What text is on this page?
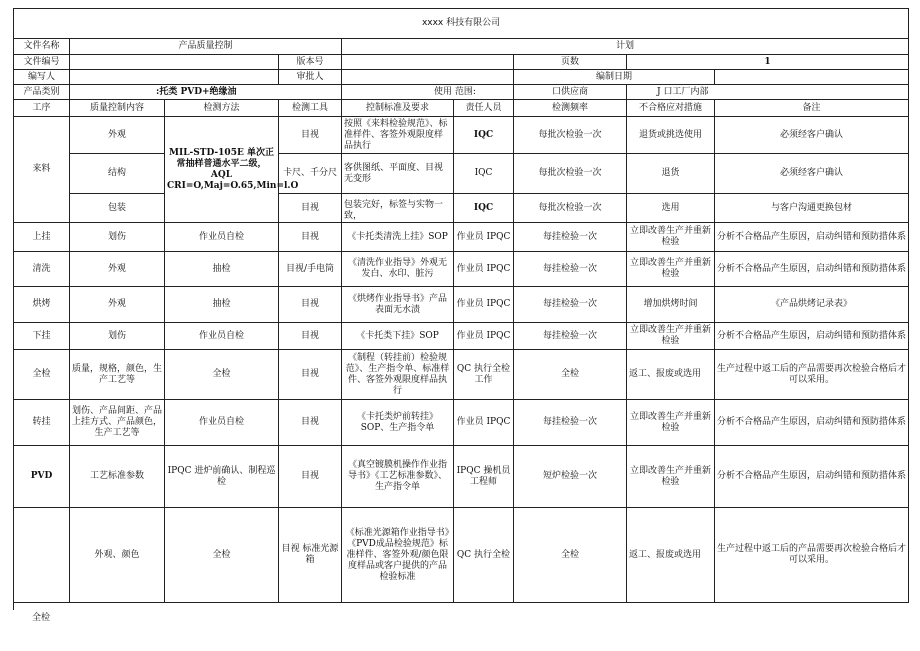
xxxx 科技有限公司								
文件名称	产品质量控制			计划				
文件编号			版本号			页数	1	
编写人			审批人			编制日期		
产品类别	:托类 PVD+绝缘油			使用 范围:		口供应商	J 口工厂内部	
工序	质量控制内容	检测方法	检测工具	控制标准及要求	责任人员	检测频率	不合格应对措施	备注
来料	外观	MIL-STD-105E 单次正常抽样普通水平二级，AQL CRI=O,Maj=O.65,Min=l.O	目视	按照《来料检验规范》、标准样件、客签外观限度样品执行	IQC	每批次检验一次	退货或挑选使用	必须经客户确认
	结构		卡尺、千分尺	客供图纸、平面度、目视无变形	IQC	每批次检验一次	退货	必须经客户确认
	包装		目视	包装完好，标签与实物一致，	IQC	每批次检验一次	选用	与客户沟通更换包材
上挂	划伤	作业员自检	目视	《卡托类清洗上挂》SOP	作业员 IPQC	每挂检验一次	立即改善生产并重新检验	分析不合格品产生原因，启动纠错和预防措体系
清洗	外观	抽检	目视/手电筒	《清洗作业指导》外观无发白、水印、脏污	作业员 IPQC	每挂检验一次	立即改善生产并重新检验	分析不合格品产生原因，启动纠错和预防措体系
烘烤	外观	抽检	目视	《烘烤作业指导书》产品表面无水渍	作业员 IPQC	每挂检验一次	增加烘烤时间	《产品烘烤记录表》
下挂	划伤	作业员自检	目视	《卡托类下挂》SOP	作业员 IPQC	每挂检验一次	立即改善生产并重新检验	分析不合格品产生原因，启动纠错和预防措体系
全检	质量，规格，颜色，生产工艺等	全检	目视	《制程（转挂前）检验规范》、生产指令单、标准样件、客签外观限度样品执行	QC 执行全检工作	全检	返工、报废或选用	生产过程中返工后的产品需要再次检验合格后才可以采用。
转挂	划伤、产品间距、产品上挂方式、产品颜色，生产工艺等	作业员自检	目视	《卡托类炉前转挂》SOP、生产指令单	作业员 IPQC	每挂检验一次	立即改善生产并重新检验	分析不合格品产生原因，启动纠错和预防措体系
PVD	工艺标准参数	IPQC 进炉前确认、制程巡检	目视	《真空镀膜机操作作业指导书》《工艺标准参数》、生产指令单	IPQC 操机员工程师	短炉检验一次	立即改善生产并重新检验	分析不合格品产生原因，启动纠错和预防措体系
	外观、颜色	全检	目视 标准光源箱	《标准光源箱作业指导书》《PVD成品检验规范》标准样件、客签外观/颜色限度样品或客户提供的产品检验标准	QC 执行全检	全检	返工、报废或选用	生产过程中返工后的产品需要再次检验合格后才可以采用。
全检
